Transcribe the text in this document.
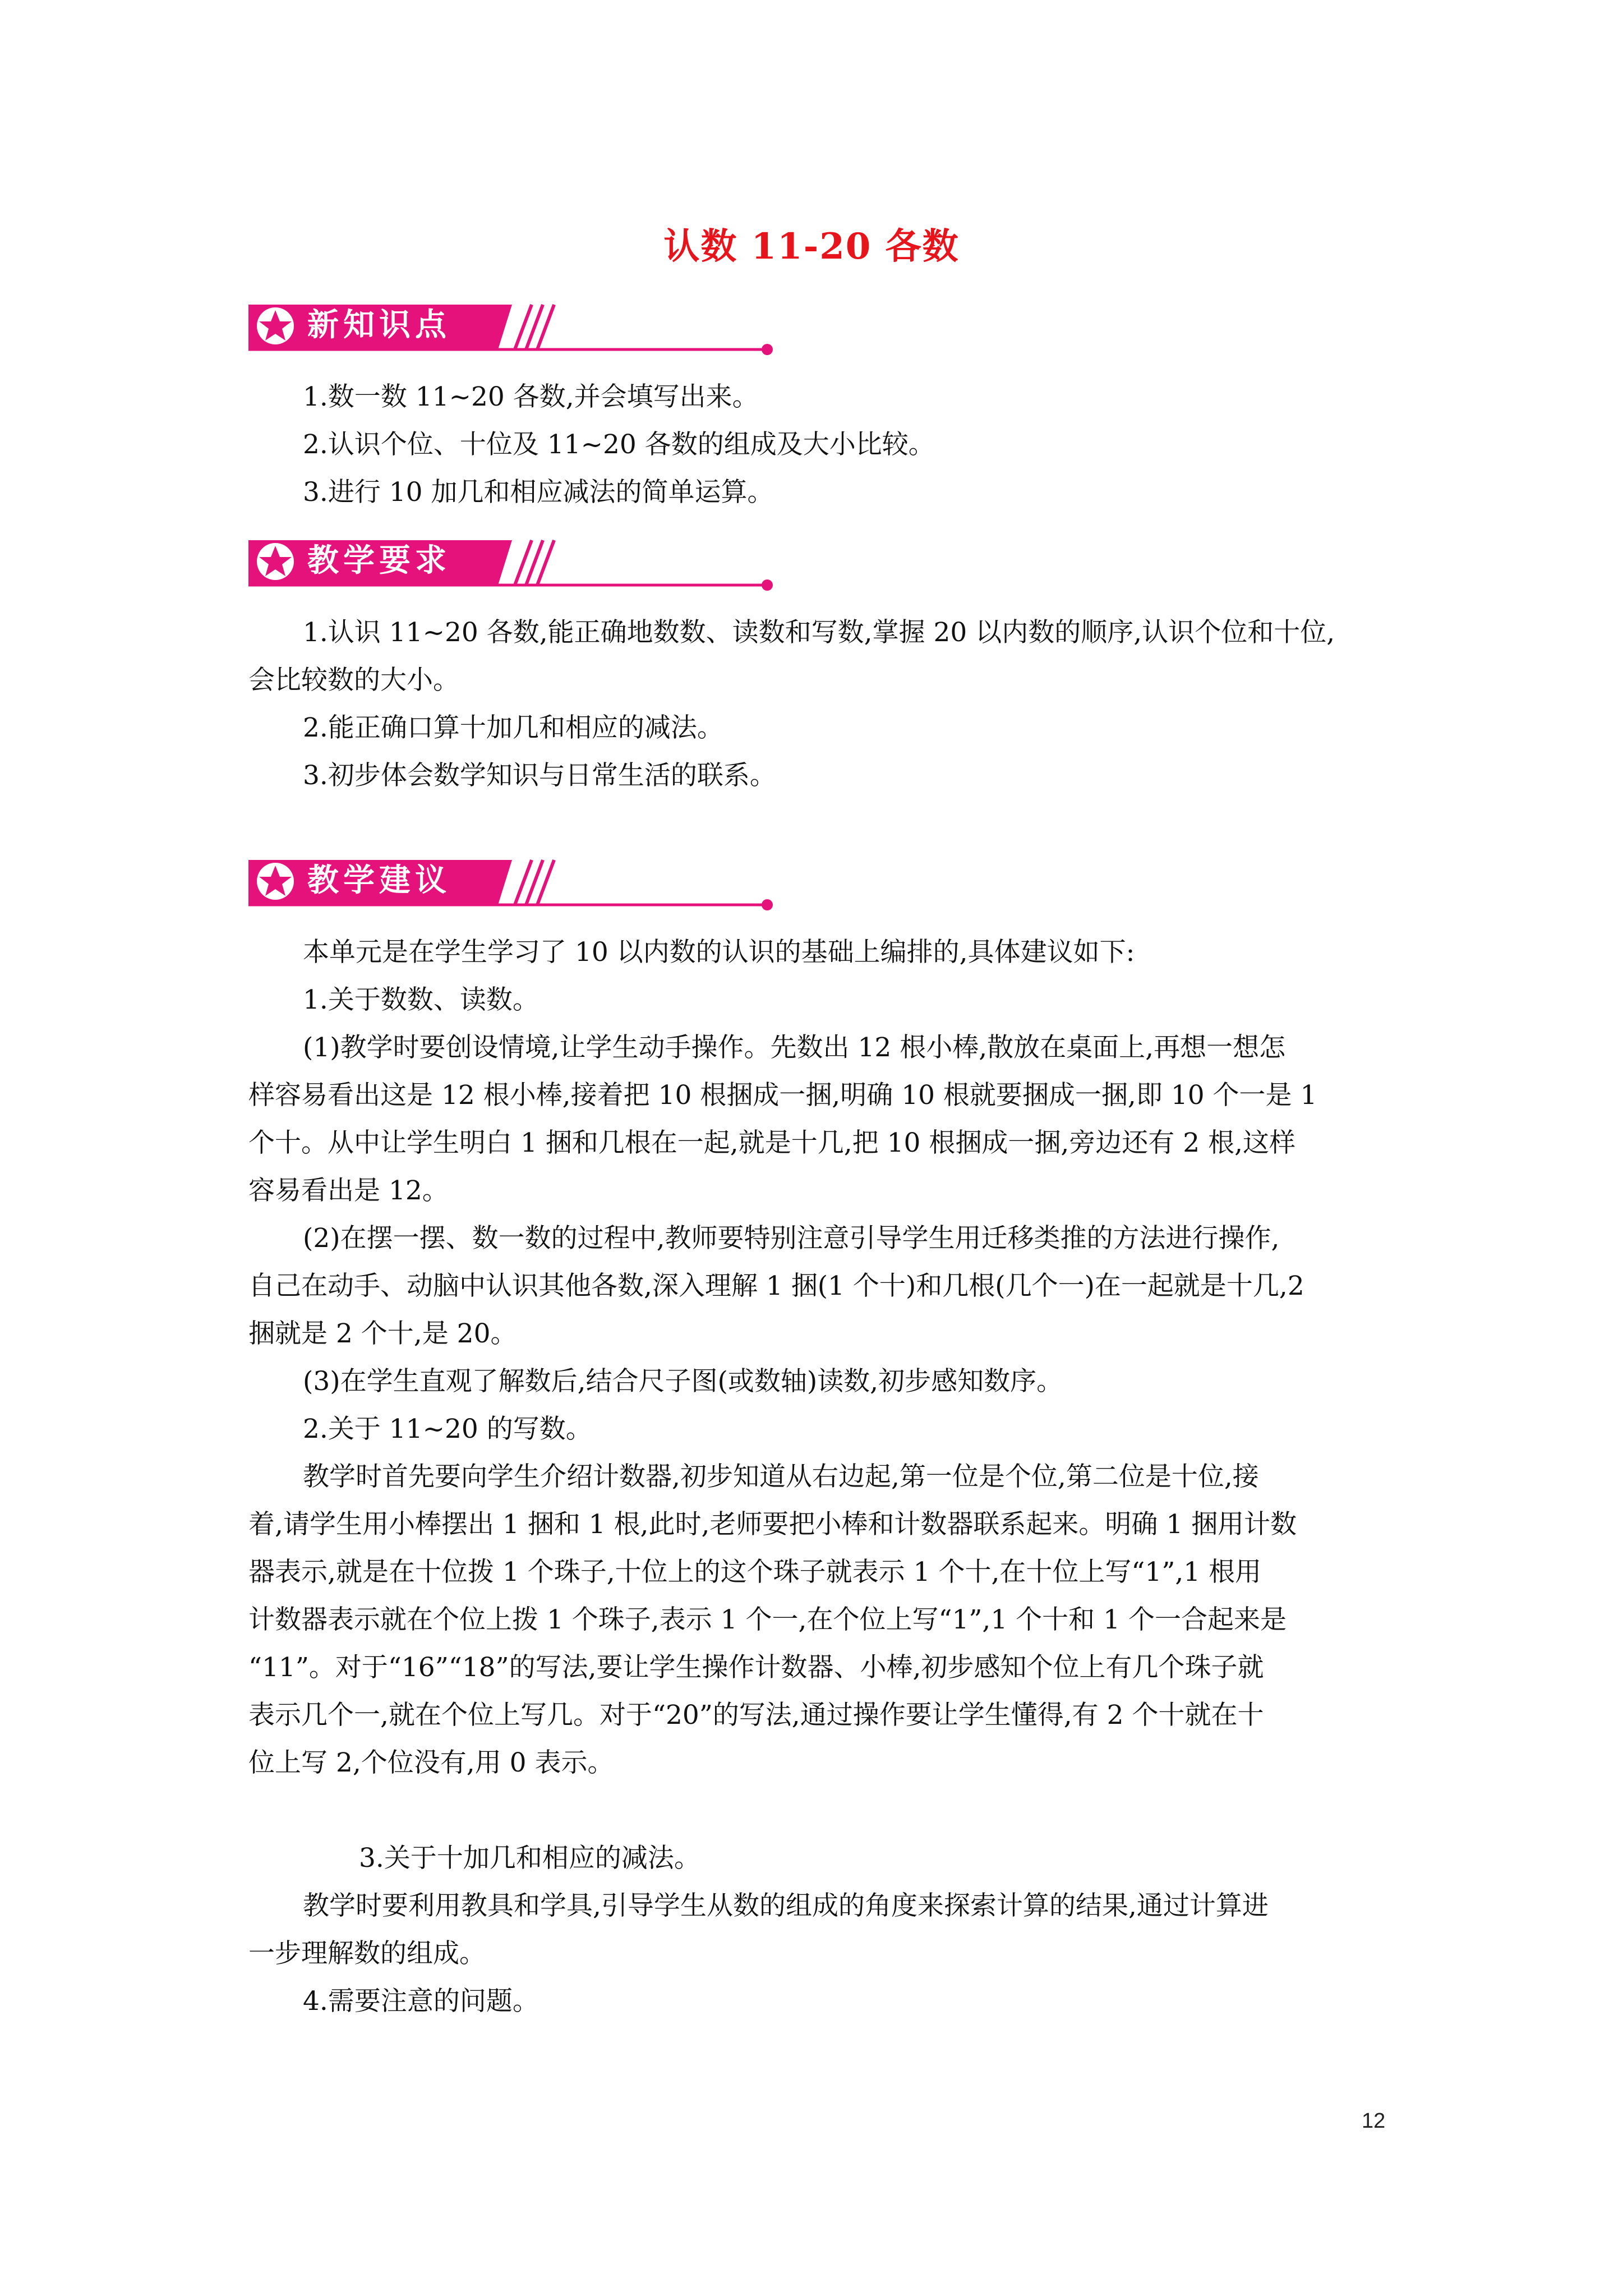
认数 11-20 各数
新知识点

1.数一数 11~20 各数,并会填写出来。

2.认识个位、十位及 11~20 各数的组成及大小比较。

3.进行 10 加几和相应减法的简单运算。

教学要求

1.认识 11~20 各数,能正确地数数、读数和写数,掌握 20 以内数的顺序,认识个位和十位,

会比较数的大小。

2.能正确口算十加几和相应的减法。

3.初步体会数学知识与日常生活的联系。

教学建议

本单元是在学生学习了 10 以内数的认识的基础上编排的,具体建议如下:

1.关于数数、读数。

(1)教学时要创设情境,让学生动手操作。先数出 12 根小棒,散放在桌面上,再想一想怎

样容易看出这是 12 根小棒,接着把 10 根捆成一捆,明确 10 根就要捆成一捆,即 10 个一是 1

个十。从中让学生明白 1 捆和几根在一起,就是十几,把 10 根捆成一捆,旁边还有 2 根,这样

容易看出是 12。

(2)在摆一摆、数一数的过程中,教师要特别注意引导学生用迁移类推的方法进行操作,

自己在动手、动脑中认识其他各数,深入理解 1 捆(1 个十)和几根(几个一)在一起就是十几,2

捆就是 2 个十,是 20。

(3)在学生直观了解数后,结合尺子图(或数轴)读数,初步感知数序。

2.关于 11~20 的写数。

教学时首先要向学生介绍计数器,初步知道从右边起,第一位是个位,第二位是十位,接

着,请学生用小棒摆出 1 捆和 1 根,此时,老师要把小棒和计数器联系起来。明确 1 捆用计数

器表示,就是在十位拨 1 个珠子,十位上的这个珠子就表示 1 个十,在十位上写“1”,1 根用

计数器表示就在个位上拨 1 个珠子,表示 1 个一,在个位上写“1”,1 个十和 1 个一合起来是

“11”。对于“16”“18”的写法,要让学生操作计数器、小棒,初步感知个位上有几个珠子就

表示几个一,就在个位上写几。对于“20”的写法,通过操作要让学生懂得,有 2 个十就在十

位上写 2,个位没有,用 0 表示。

3.关于十加几和相应的减法。

教学时要利用教具和学具,引导学生从数的组成的角度来探索计算的结果,通过计算进

一步理解数的组成。

4.需要注意的问题。

12
